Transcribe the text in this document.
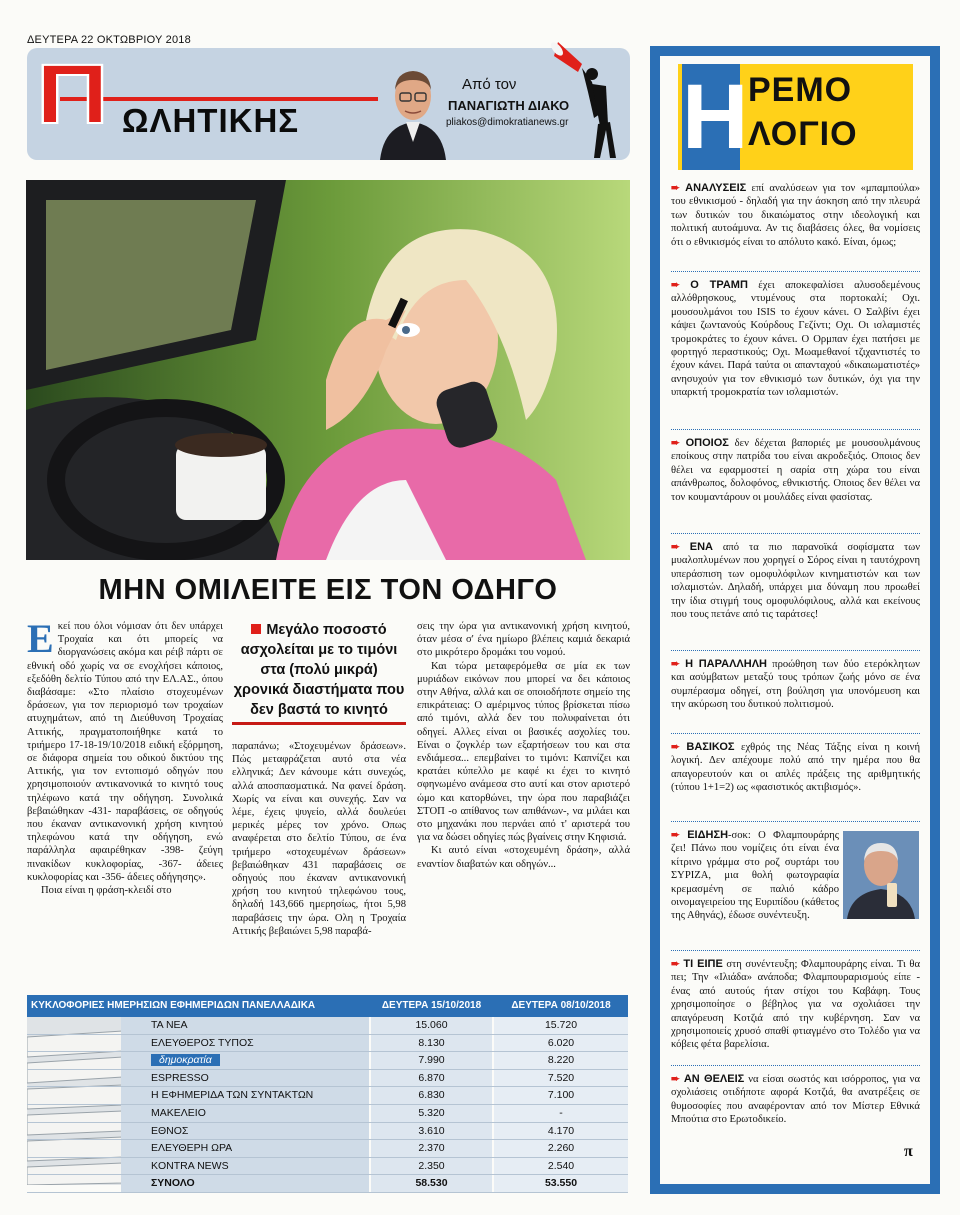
ΔΕΥΤΕΡΑ 22 ΟΚΤΩΒΡΙΟΥ 2018
Π ΩΛΗΤΙΚΗΣ
Από τον
ΠΑΝΑΓΙΩΤΗ ΔΙΑΚΟ
pliakos@dimokratianews.gr
ΜΗΝ ΟΜΙΛΕΙΤΕ ΕΙΣ ΤΟΝ ΟΔΗΓΟ

Εκεί που όλοι νόμισαν ότι δεν υπάρχει Τροχαία και ότι μπορείς να διοργανώσεις ακόμα και ρέιβ πάρτι σε εθνική οδό χωρίς να σε ενοχλήσει κάποιος, εξεδόθη δελτίο Τύπου από την ΕΛ.ΑΣ., όπου διαβάσαμε: «Στο πλαίσιο στοχευμένων δράσεων, για τον περιορισμό των τροχαίων ατυχημάτων, από τη Διεύθυνση Τροχαίας Αττικής, πραγματοποιήθηκε κατά το τριήμερο 17-18-19/10/2018 ειδική εξόρμηση, σε διάφορα σημεία του οδικού δικτύου της Αττικής, για τον εντοπισμό οδηγών που χρησιμοποιούν αντικανονικά το κινητό τους τηλέφωνο κατά την οδήγηση. Συνολικά βεβαιώθηκαν -431- παραβάσεις, σε οδηγούς που έκαναν αντικανονική χρήση κινητού τηλεφώνου κατά την οδήγηση, ενώ παράλληλα αφαιρέθηκαν -398- ζεύγη πινακίδων κυκλοφορίας, -367- άδειες κυκλοφορίας και -356- άδειες οδήγησης».

Ποια είναι η φράση-κλειδί στο

Μεγάλο ποσοστό ασχολείται με το τιμόνι στα (πολύ μικρά) χρονικά διαστήματα που δεν βαστά το κινητό

παραπάνω; «Στοχευμένων δράσεων». Πώς μεταφράζεται αυτό στα νέα ελληνικά; Δεν κάνουμε κάτι συνεχώς, αλλά αποσπασματικά. Να φανεί δράση. Χωρίς να είναι και συνεχής. Σαν να λέμε, έχεις ψυγείο, αλλά δουλεύει μερικές μέρες τον χρόνο. Οπως αναφέρεται στο δελτίο Τύπου, σε ένα τριήμερο «στοχευμένων δράσεων» βεβαιώθηκαν 431 παραβάσεις σε οδηγούς που έκαναν αντικανονική χρήση του κινητού τηλεφώνου τους, δηλαδή 143,666 ημερησίως, ήτοι 5,98 παραβάσεις την ώρα. Ολη η Τροχαία Αττικής βεβαιώνει 5,98 παραβά-

σεις την ώρα για αντικανονική χρήση κινητού, όταν μέσα σ' ένα ημίωρο βλέπεις καμιά δεκαριά στο μικρότερο δρομάκι του νομού.

Και τώρα μεταφερόμεθα σε μία εκ των μυριάδων εικόνων που μπορεί να δει κάποιος στην Αθήνα, αλλά και σε οποιοδήποτε σημείο της επικράτειας: Ο αμέριμνος τύπος βρίσκεται πίσω από τιμόνι, αλλά δεν του πολυφαίνεται ότι οδηγεί. Αλλες είναι οι βασικές ασχολίες του. Είναι ο ζογκλέρ των εξαρτήσεων του και στα ενδιάμεσα... επεμβαίνει το τιμόνι: Καπνίζει και κρατάει κύπελλο με καφέ κι έχει το κινητό σφηνωμένο ανάμεσα στο αυτί και στον αριστερό ώμο και κατορθώνει, την ώρα που παραβιάζει ΣΤΟΠ -ο απίθανος των απιθάνων-, να μιλάει και στο μηχανάκι που περνάει από τ' αριστερά του για να δώσει οδηγίες πώς βγαίνεις στην Κηφισιά.

Κι αυτό είναι «στοχευμένη δράση», αλλά εναντίον διαβατών και οδηγών...

ΚΥΚΛΟΦΟΡΙΕΣ ΗΜΕΡΗΣΙΩΝ ΕΦΗΜΕΡΙΔΩΝ ΠΑΝΕΛΛΑΔΙΚΑ	ΔΕΥΤΕΡΑ 15/10/2018	ΔΕΥΤΕΡΑ 08/10/2018
ΤΑ ΝΕΑ	15.060	15.720
ΕΛΕΥΘΕΡΟΣ ΤΥΠΟΣ	8.130	6.020
δημοκρατία	7.990	8.220
ESPRESSO	6.870	7.520
Η ΕΦΗΜΕΡΙΔΑ ΤΩΝ ΣΥΝΤΑΚΤΩΝ	6.830	7.100
ΜΑΚΕΛΕΙΟ	5.320	-
ΕΘΝΟΣ	3.610	4.170
ΕΛΕΥΘΕΡΗ ΩΡΑ	2.370	2.260
KONTRA NEWS	2.350	2.540
ΣΥΝΟΛΟ	58.530	53.550
Η ΡΕΜΟ
ΛΟΓΙΟ
➨ ΑΝΑΛΥΣΕΙΣ επί αναλύσεων για τον «μπαμπούλα» του εθνικισμού - δηλαδή για την άσκηση από την πλευρά των δυτικών του δικαιώματος στην ιδεολογική και πολιτική αυτοάμυνα. Αν τις διαβάσεις όλες, θα νομίσεις ότι ο εθνικισμός είναι το απόλυτο κακό. Είναι, όμως;
➨ Ο ΤΡΑΜΠ έχει αποκεφαλίσει αλυσοδεμένους αλλόθρησκους, ντυμένους στα πορτοκαλί; Οχι. μουσουλμάνοι του ISIS το έχουν κάνει. Ο Σαλβίνι έχει κάψει ζωντανούς Κούρδους Γεζίντι; Οχι. Οι ισλαμιστές τρομοκράτες το έχουν κάνει. Ο Ορμπαν έχει πατήσει με φορτηγό περαστικούς; Οχι. Μωαμεθανοί τζιχαντιστές το έχουν κάνει. Παρά ταύτα οι απανταχού «δικαιωματιστές» ανησυχούν για τον εθνικισμό των δυτικών, όχι για την υπαρκτή τρομοκρατία των ισλαμιστών.
➨ ΟΠΟΙΟΣ δεν δέχεται βαποριές με μουσουλμάνους εποίκους στην πατρίδα του είναι ακροδεξιός. Οποιος δεν θέλει να εφαρμοστεί η σαρία στη χώρα του είναι απάνθρωπος, δολοφόνος, εθνικιστής. Οποιος δεν θέλει να τον κουμαντάρουν οι μουλάδες είναι φασίστας.
➨ ΕΝΑ από τα πιο παρανοϊκά σοφίσματα των μυαλοπλυμένων που χορηγεί ο Σόρος είναι η ταυτόχρονη υπεράσπιση των ομοφυλόφιλων κινηματιστών και των ισλαμιστών. Δηλαδή, υπάρχει μια δύναμη που προωθεί την ίδια στιγμή τους ομοφυλόφιλους, αλλά και εκείνους που τους πετάνε από τις ταράτσες!
➨ Η ΠΑΡΑΛΛΗΛΗ προώθηση των δύο ετερόκλητων και ασύμβατων μεταξύ τους τρόπων ζωής μόνο σε ένα συμπέρασμα οδηγεί, στη βούληση για υπονόμευση και την ακύρωση του δυτικού πολιτισμού.
➨ ΒΑΣΙΚΟΣ εχθρός της Νέας Τάξης είναι η κοινή λογική. Δεν απέχουμε πολύ από την ημέρα που θα απαγορευτούν και οι απλές πράξεις της αριθμητικής (τύπου 1+1=2) ως «φασιστικός ακτιβισμός».
➨ ΕΙΔΗΣΗ-σοκ: Ο Φλαμπουράρης ζει! Πάνω που νομίζεις ότι είναι ένα κίτρινο γράμμα στο ροζ συρτάρι του ΣΥΡΙΖΑ, μια θολή φωτογραφία κρεμασμένη σε παλιό κάδρο οινομαγειρείου της Ευριπίδου (κάθετος της Αθηνάς), έδωσε συνέντευξη.
➨ ΤΙ ΕΙΠΕ στη συνέντευξη; Φλαμπουράρης είναι. Τι θα πει; Την «Ιλιάδα» ανάποδα; Φλαμπουραρισμούς είπε - ένας από αυτούς ήταν στίχοι του Καβάφη. Τους χρησιμοποίησε ο βέβηλος για να σχολιάσει την απαγόρευση Κοτζιά από την κυβέρνηση. Σαν να χρησιμοποιείς χρυσό σπαθί φτιαγμένο στο Τολέδο για να κόβεις φέτα βαρελίσια.
➨ ΑΝ ΘΕΛΕΙΣ να είσαι σωστός και ισόρροπος, για να σχολιάσεις οτιδήποτε αφορά Κοτζιά, θα ανατρέξεις σε θυμοσοφίες που αναφέρονταν από τον Μίστερ Εθνικά Μπούτια στο Ερωτοδικείο.
π
